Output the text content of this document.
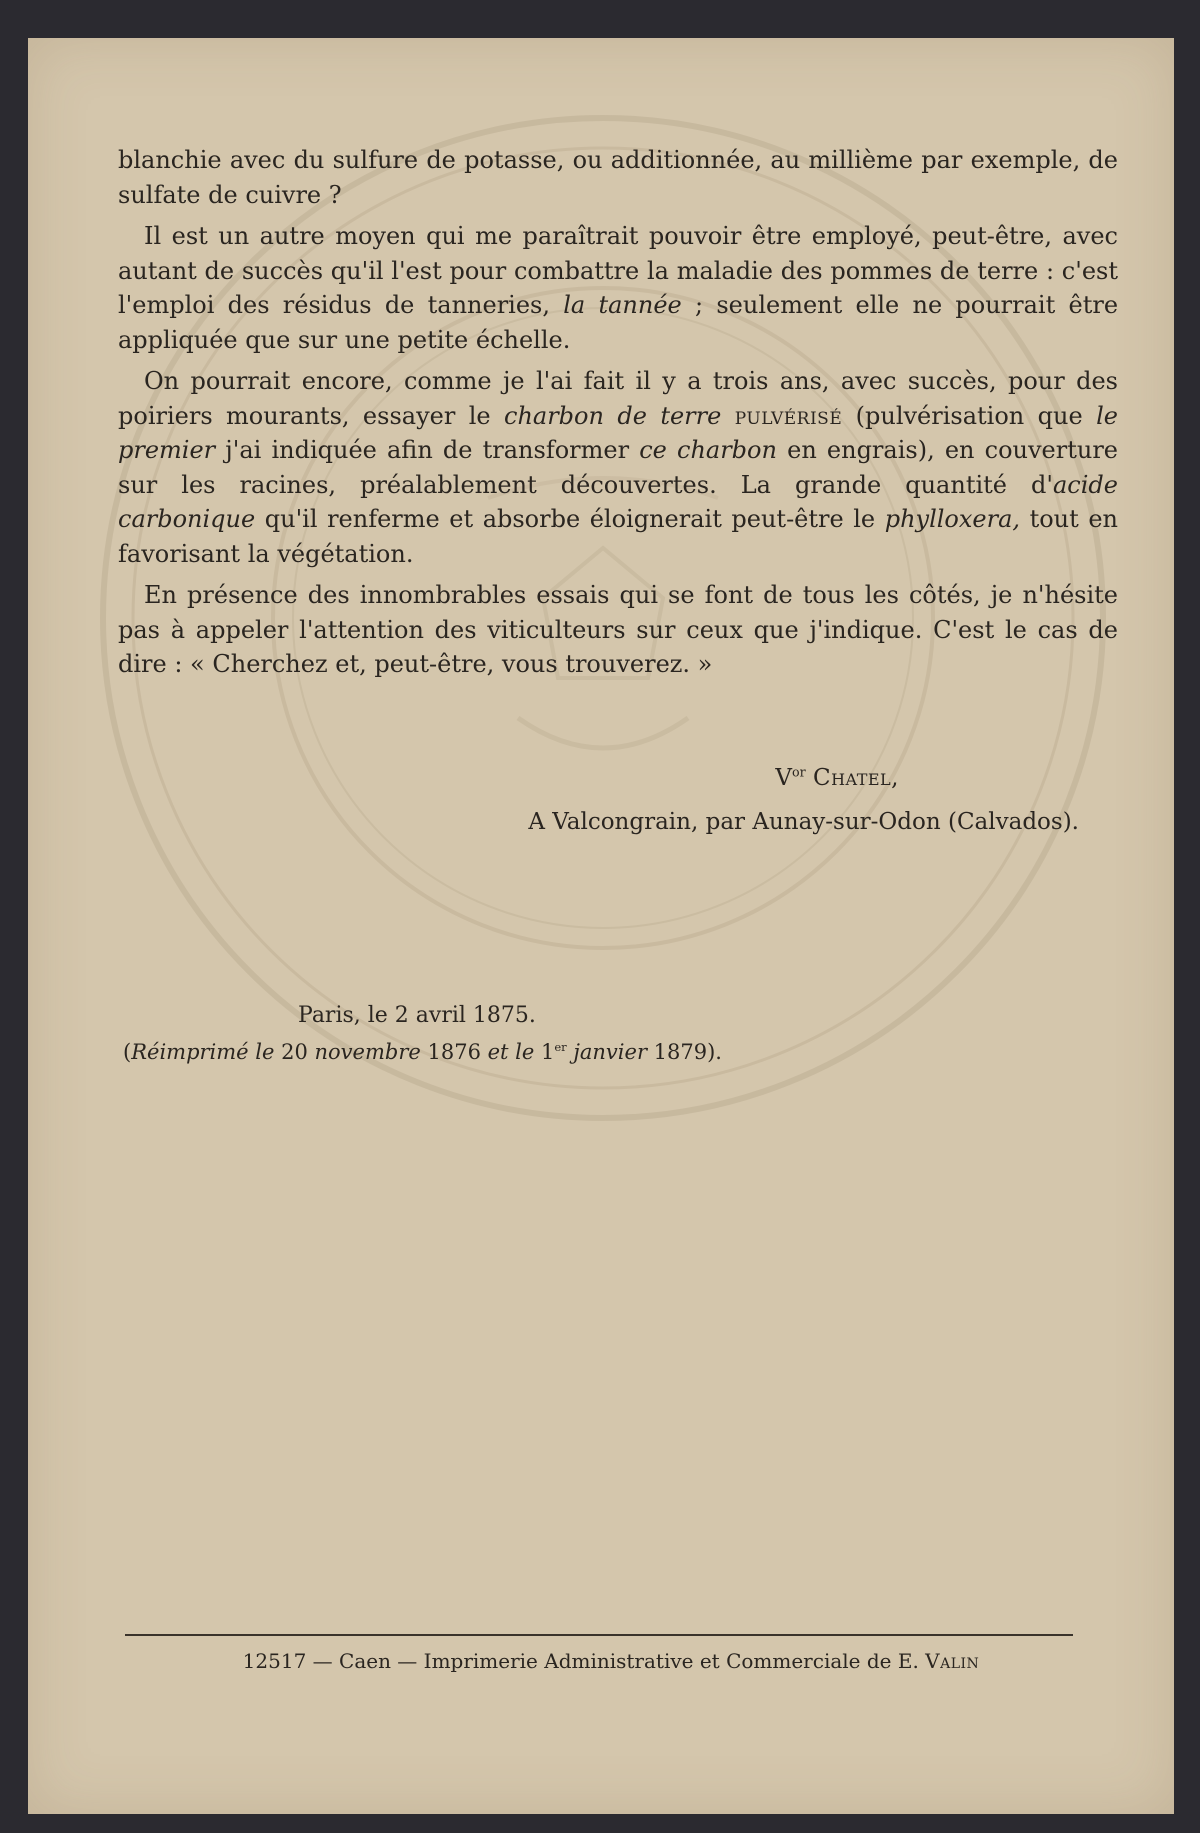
blanchie avec du sulfure de potasse, ou additionnée, au millième par exemple, de sulfate de cuivre ?

Il est un autre moyen qui me paraîtrait pouvoir être employé, peut-être, avec autant de succès qu'il l'est pour combattre la maladie des pommes de terre : c'est l'emploi des résidus de tanneries, la tannée ; seulement elle ne pourrait être appliquée que sur une petite échelle.

On pourrait encore, comme je l'ai fait il y a trois ans, avec succès, pour des poiriers mourants, essayer le charbon de terre pulvérisé (pulvérisation que le premier j'ai indiquée afin de transformer ce charbon en engrais), en couverture sur les racines, préalablement découvertes. La grande quantité d'acide carbonique qu'il renferme et absorbe éloignerait peut-être le phylloxera, tout en favorisant la végétation.

En présence des innombrables essais qui se font de tous les côtés, je n'hésite pas à appeler l'attention des viticulteurs sur ceux que j'indique. C'est le cas de dire : « Cherchez et, peut-être, vous trouverez. »

$V^{or}$ Chatel,
A Valcongrain, par Aunay-sur-Odon (Calvados).
Paris, le 2 avril 1875.
(Réimprimé le 20 novembre 1876 et le 1er janvier 1879).
12517 — Caen — Imprimerie Administrative et Commerciale de E. Valin
